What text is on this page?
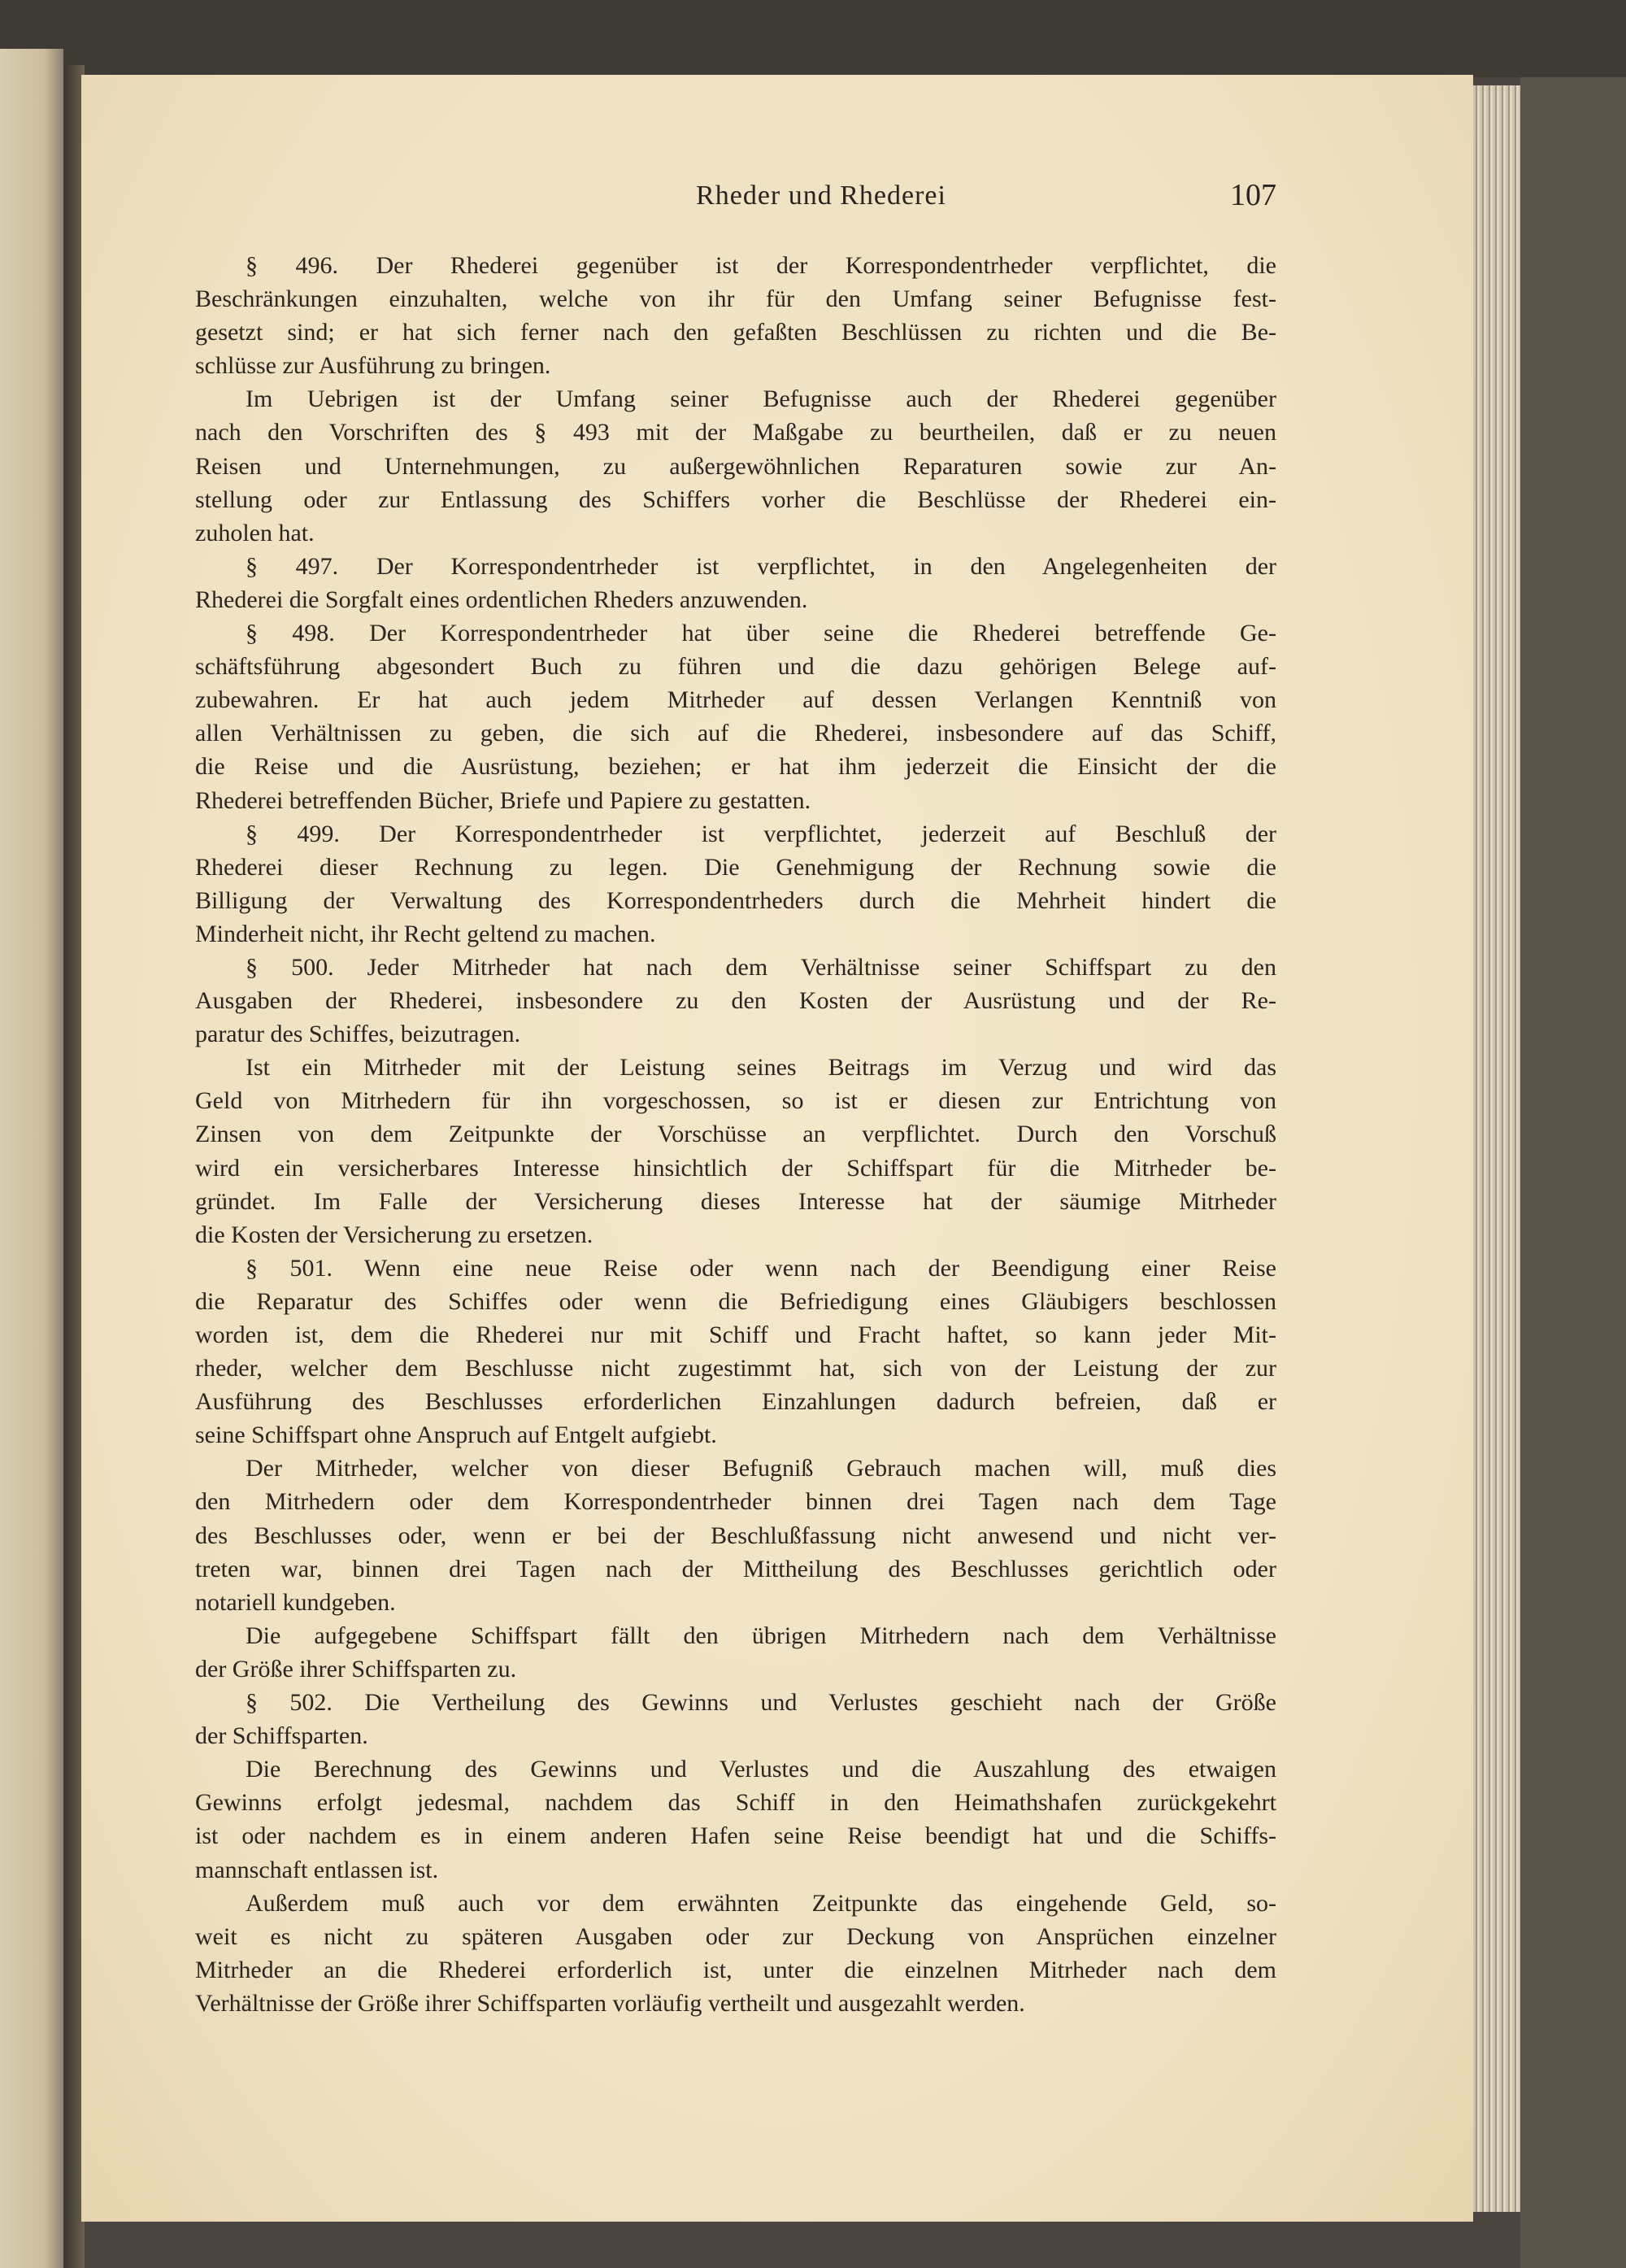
Rheder und Rhederei	107
§ 496. Der Rhederei gegenüber ist der Korrespondentrheder verpflichtet, die
Beschränkungen einzuhalten, welche von ihr für den Umfang seiner Befugnisse fest-
gesetzt sind; er hat sich ferner nach den gefaßten Beschlüssen zu richten und die Be-
schlüsse zur Ausführung zu bringen.
Im Uebrigen ist der Umfang seiner Befugnisse auch der Rhederei gegenüber
nach den Vorschriften des § 493 mit der Maßgabe zu beurtheilen, daß er zu neuen
Reisen und Unternehmungen, zu außergewöhnlichen Reparaturen sowie zur An-
stellung oder zur Entlassung des Schiffers vorher die Beschlüsse der Rhederei ein-
zuholen hat.
§ 497. Der Korrespondentrheder ist verpflichtet, in den Angelegenheiten der
Rhederei die Sorgfalt eines ordentlichen Rheders anzuwenden.
§ 498. Der Korrespondentrheder hat über seine die Rhederei betreffende Ge-
schäftsführung abgesondert Buch zu führen und die dazu gehörigen Belege auf-
zubewahren. Er hat auch jedem Mitrheder auf dessen Verlangen Kenntniß von
allen Verhältnissen zu geben, die sich auf die Rhederei, insbesondere auf das Schiff,
die Reise und die Ausrüstung, beziehen; er hat ihm jederzeit die Einsicht der die
Rhederei betreffenden Bücher, Briefe und Papiere zu gestatten.
§ 499. Der Korrespondentrheder ist verpflichtet, jederzeit auf Beschluß der
Rhederei dieser Rechnung zu legen. Die Genehmigung der Rechnung sowie die
Billigung der Verwaltung des Korrespondentrheders durch die Mehrheit hindert die
Minderheit nicht, ihr Recht geltend zu machen.
§ 500. Jeder Mitrheder hat nach dem Verhältnisse seiner Schiffspart zu den
Ausgaben der Rhederei, insbesondere zu den Kosten der Ausrüstung und der Re-
paratur des Schiffes, beizutragen.
Ist ein Mitrheder mit der Leistung seines Beitrags im Verzug und wird das
Geld von Mitrhedern für ihn vorgeschossen, so ist er diesen zur Entrichtung von
Zinsen von dem Zeitpunkte der Vorschüsse an verpflichtet. Durch den Vorschuß
wird ein versicherbares Interesse hinsichtlich der Schiffspart für die Mitrheder be-
gründet. Im Falle der Versicherung dieses Interesse hat der säumige Mitrheder
die Kosten der Versicherung zu ersetzen.
§ 501. Wenn eine neue Reise oder wenn nach der Beendigung einer Reise
die Reparatur des Schiffes oder wenn die Befriedigung eines Gläubigers beschlossen
worden ist, dem die Rhederei nur mit Schiff und Fracht haftet, so kann jeder Mit-
rheder, welcher dem Beschlusse nicht zugestimmt hat, sich von der Leistung der zur
Ausführung des Beschlusses erforderlichen Einzahlungen dadurch befreien, daß er
seine Schiffspart ohne Anspruch auf Entgelt aufgiebt.
Der Mitrheder, welcher von dieser Befugniß Gebrauch machen will, muß dies
den Mitrhedern oder dem Korrespondentrheder binnen drei Tagen nach dem Tage
des Beschlusses oder, wenn er bei der Beschlußfassung nicht anwesend und nicht ver-
treten war, binnen drei Tagen nach der Mittheilung des Beschlusses gerichtlich oder
notariell kundgeben.
Die aufgegebene Schiffspart fällt den übrigen Mitrhedern nach dem Verhältnisse
der Größe ihrer Schiffsparten zu.
§ 502. Die Vertheilung des Gewinns und Verlustes geschieht nach der Größe
der Schiffsparten.
Die Berechnung des Gewinns und Verlustes und die Auszahlung des etwaigen
Gewinns erfolgt jedesmal, nachdem das Schiff in den Heimathshafen zurückgekehrt
ist oder nachdem es in einem anderen Hafen seine Reise beendigt hat und die Schiffs-
mannschaft entlassen ist.
Außerdem muß auch vor dem erwähnten Zeitpunkte das eingehende Geld, so-
weit es nicht zu späteren Ausgaben oder zur Deckung von Ansprüchen einzelner
Mitrheder an die Rhederei erforderlich ist, unter die einzelnen Mitrheder nach dem
Verhältnisse der Größe ihrer Schiffsparten vorläufig vertheilt und ausgezahlt werden.
